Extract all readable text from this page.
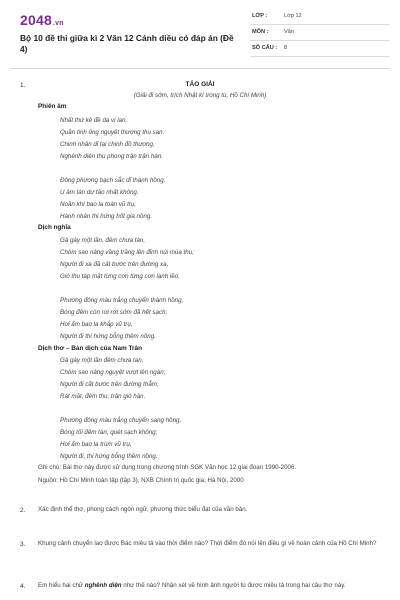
2048.vn
Bộ 10 đề thi giữa kì 2 Văn 12 Cánh diều có đáp án (Đề 4)
LỚP :	Lớp 12
MÔN :	Văn
SỐ CÂU : 8
1.	TẢO GIẢI
(Giải đi sớm, trích Nhật kí trong tù, Hồ Chí Minh)
Phiên âm
Nhất thứ kê đề dạ vị lan,
Quần tinh ủng nguyệt thượng thu san.
Chinh nhân dĩ tại chinh đồ thượng,
Nghênh diện thu phong trận trận hàn.
Đông phương bạch sắc dĩ thành hồng,
U ám tàn dư tảo nhất không.
Noãn khí bao la toàn vũ trụ,
Hành nhân thi hứng hốt gia nồng.
Dịch nghĩa
Gà gáy một lần, đêm chưa tàn,
Chòm sao nâng vầng trăng lên đỉnh núi mùa thu;
Người đi xa đã cất bước trên đường xa,
Gió thu táp mặt từng cơn từng cơn lạnh lẽo.
Phương đông màu trắng chuyển thành hồng,
Bóng đêm còn rơi rớt sớm đã hết sạch;
Hơi ấm bao la khắp vũ trụ,
Người đi thi hứng bỗng thêm nồng.
Dịch thơ – Bản dịch của Nam Trân
Gà gáy một lần đêm chưa tan,
Chòm sao nâng nguyệt vượt lên ngàn;
Người đi cất bước trên đường thẳm,
Rát mặt, đêm thu, trận gió hàn.
Phương đông màu trắng chuyển sang hồng,
Bóng tối đêm tàn, quét sạch không;
Hơi ấm bao la trùm vũ trụ,
Người đi, thi hứng bỗng thêm nồng.
Ghi chú: Bài thơ này được sử dụng trong chương trình SGK Văn học 12 giai đoạn 1990-2006.
Nguồn: Hồ Chí Minh toàn tập (tập 3), NXB Chính trị quốc gia, Hà Nội, 2000
2. Xác định thể thơ, phong cách ngôn ngữ, phương thức biểu đạt của văn bản.
3. Khung cảnh chuyển lao được Bác miêu tả vào thời điểm nào? Thời điểm đó nói lên điều gì về hoàn cảnh của Hồ Chí Minh?
4. Em hiểu hai chữ nghênh diện như thế nào? Nhận xét về hình ảnh người tù được miêu tả trong hai câu thơ này.
